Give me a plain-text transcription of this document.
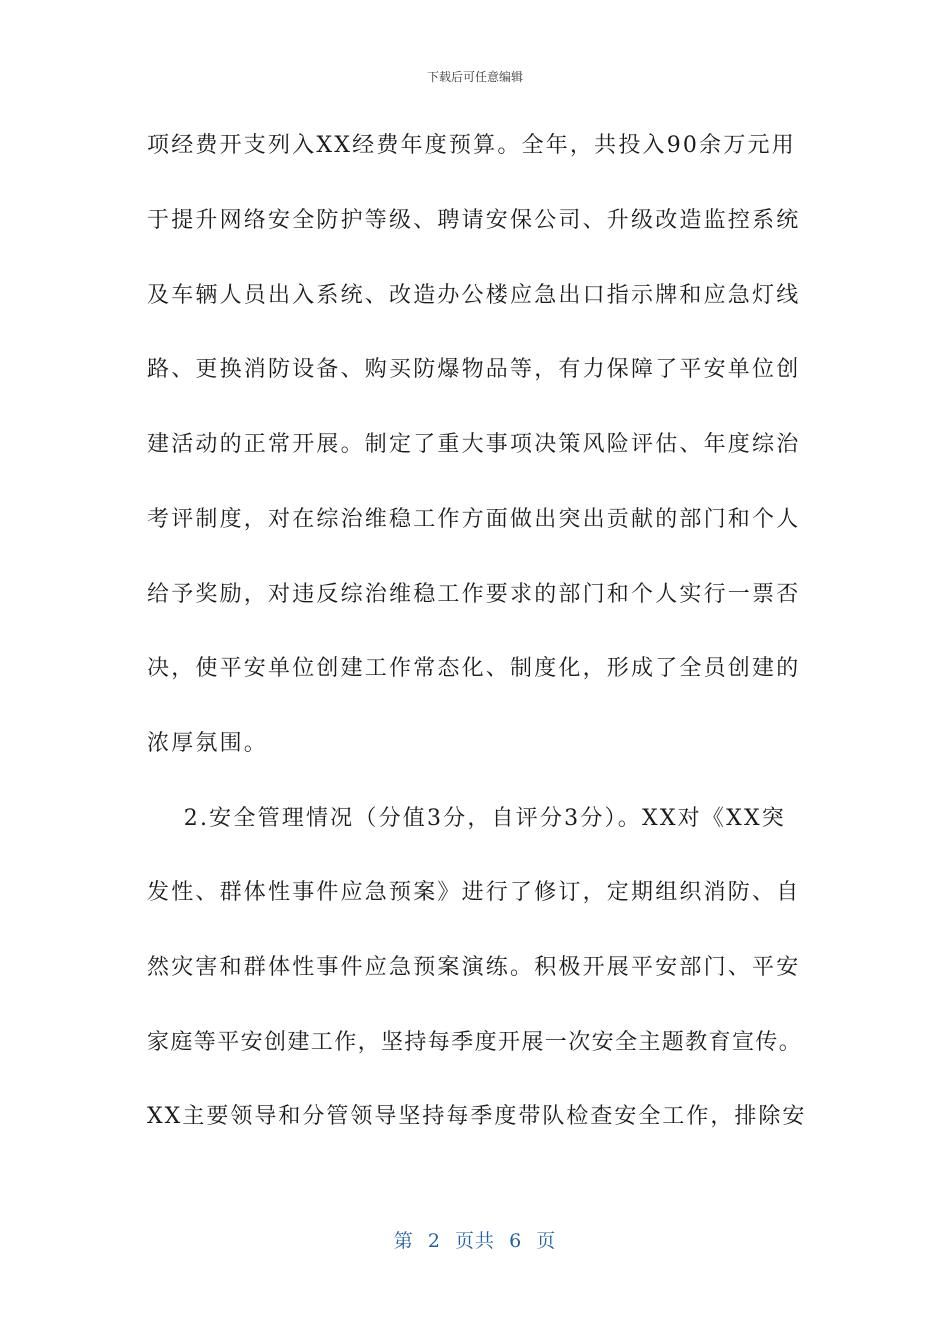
下载后可任意编辑
项经费开支列入XX经费年度预算。全年，共投入90余万元用
于提升网络安全防护等级、聘请安保公司、升级改造监控系统
及车辆人员出入系统、改造办公楼应急出口指示牌和应急灯线
路、更换消防设备、购买防爆物品等，有力保障了平安单位创
建活动的正常开展。制定了重大事项决策风险评估、年度综治
考评制度，对在综治维稳工作方面做出突出贡献的部门和个人
给予奖励，对违反综治维稳工作要求的部门和个人实行一票否
决，使平安单位创建工作常态化、制度化，形成了全员创建的
浓厚氛围。
2.安全管理情况（分值3分，自评分3分）。XX对《XX突
发性、群体性事件应急预案》进行了修订，定期组织消防、自
然灾害和群体性事件应急预案演练。积极开展平安部门、平安
家庭等平安创建工作，坚持每季度开展一次安全主题教育宣传。
XX主要领导和分管领导坚持每季度带队检查安全工作，排除安
第  2  页共  6  页
